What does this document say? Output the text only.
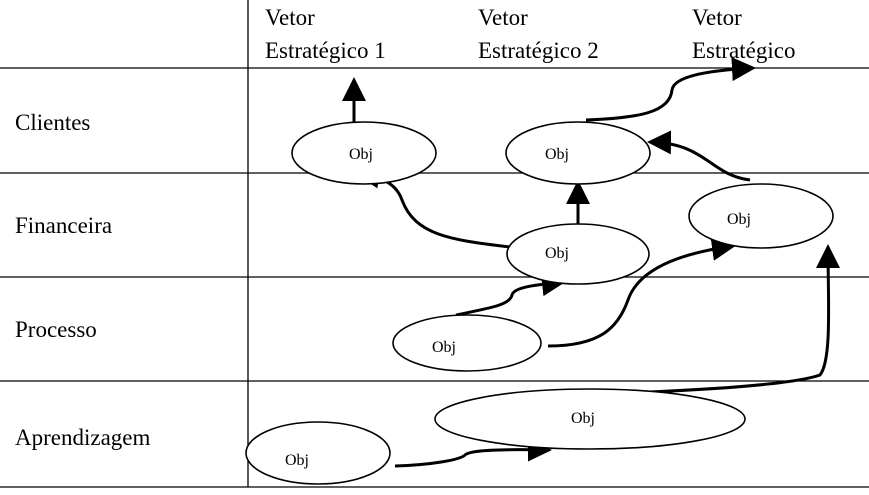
Vetor
Estratégico 1
Vetor
Estratégico 2
Vetor
Estratégico
Clientes
Financeira
Processo
Aprendizagem
Obj	Obj
Obj
Obj
Obj
Obj
Obj
